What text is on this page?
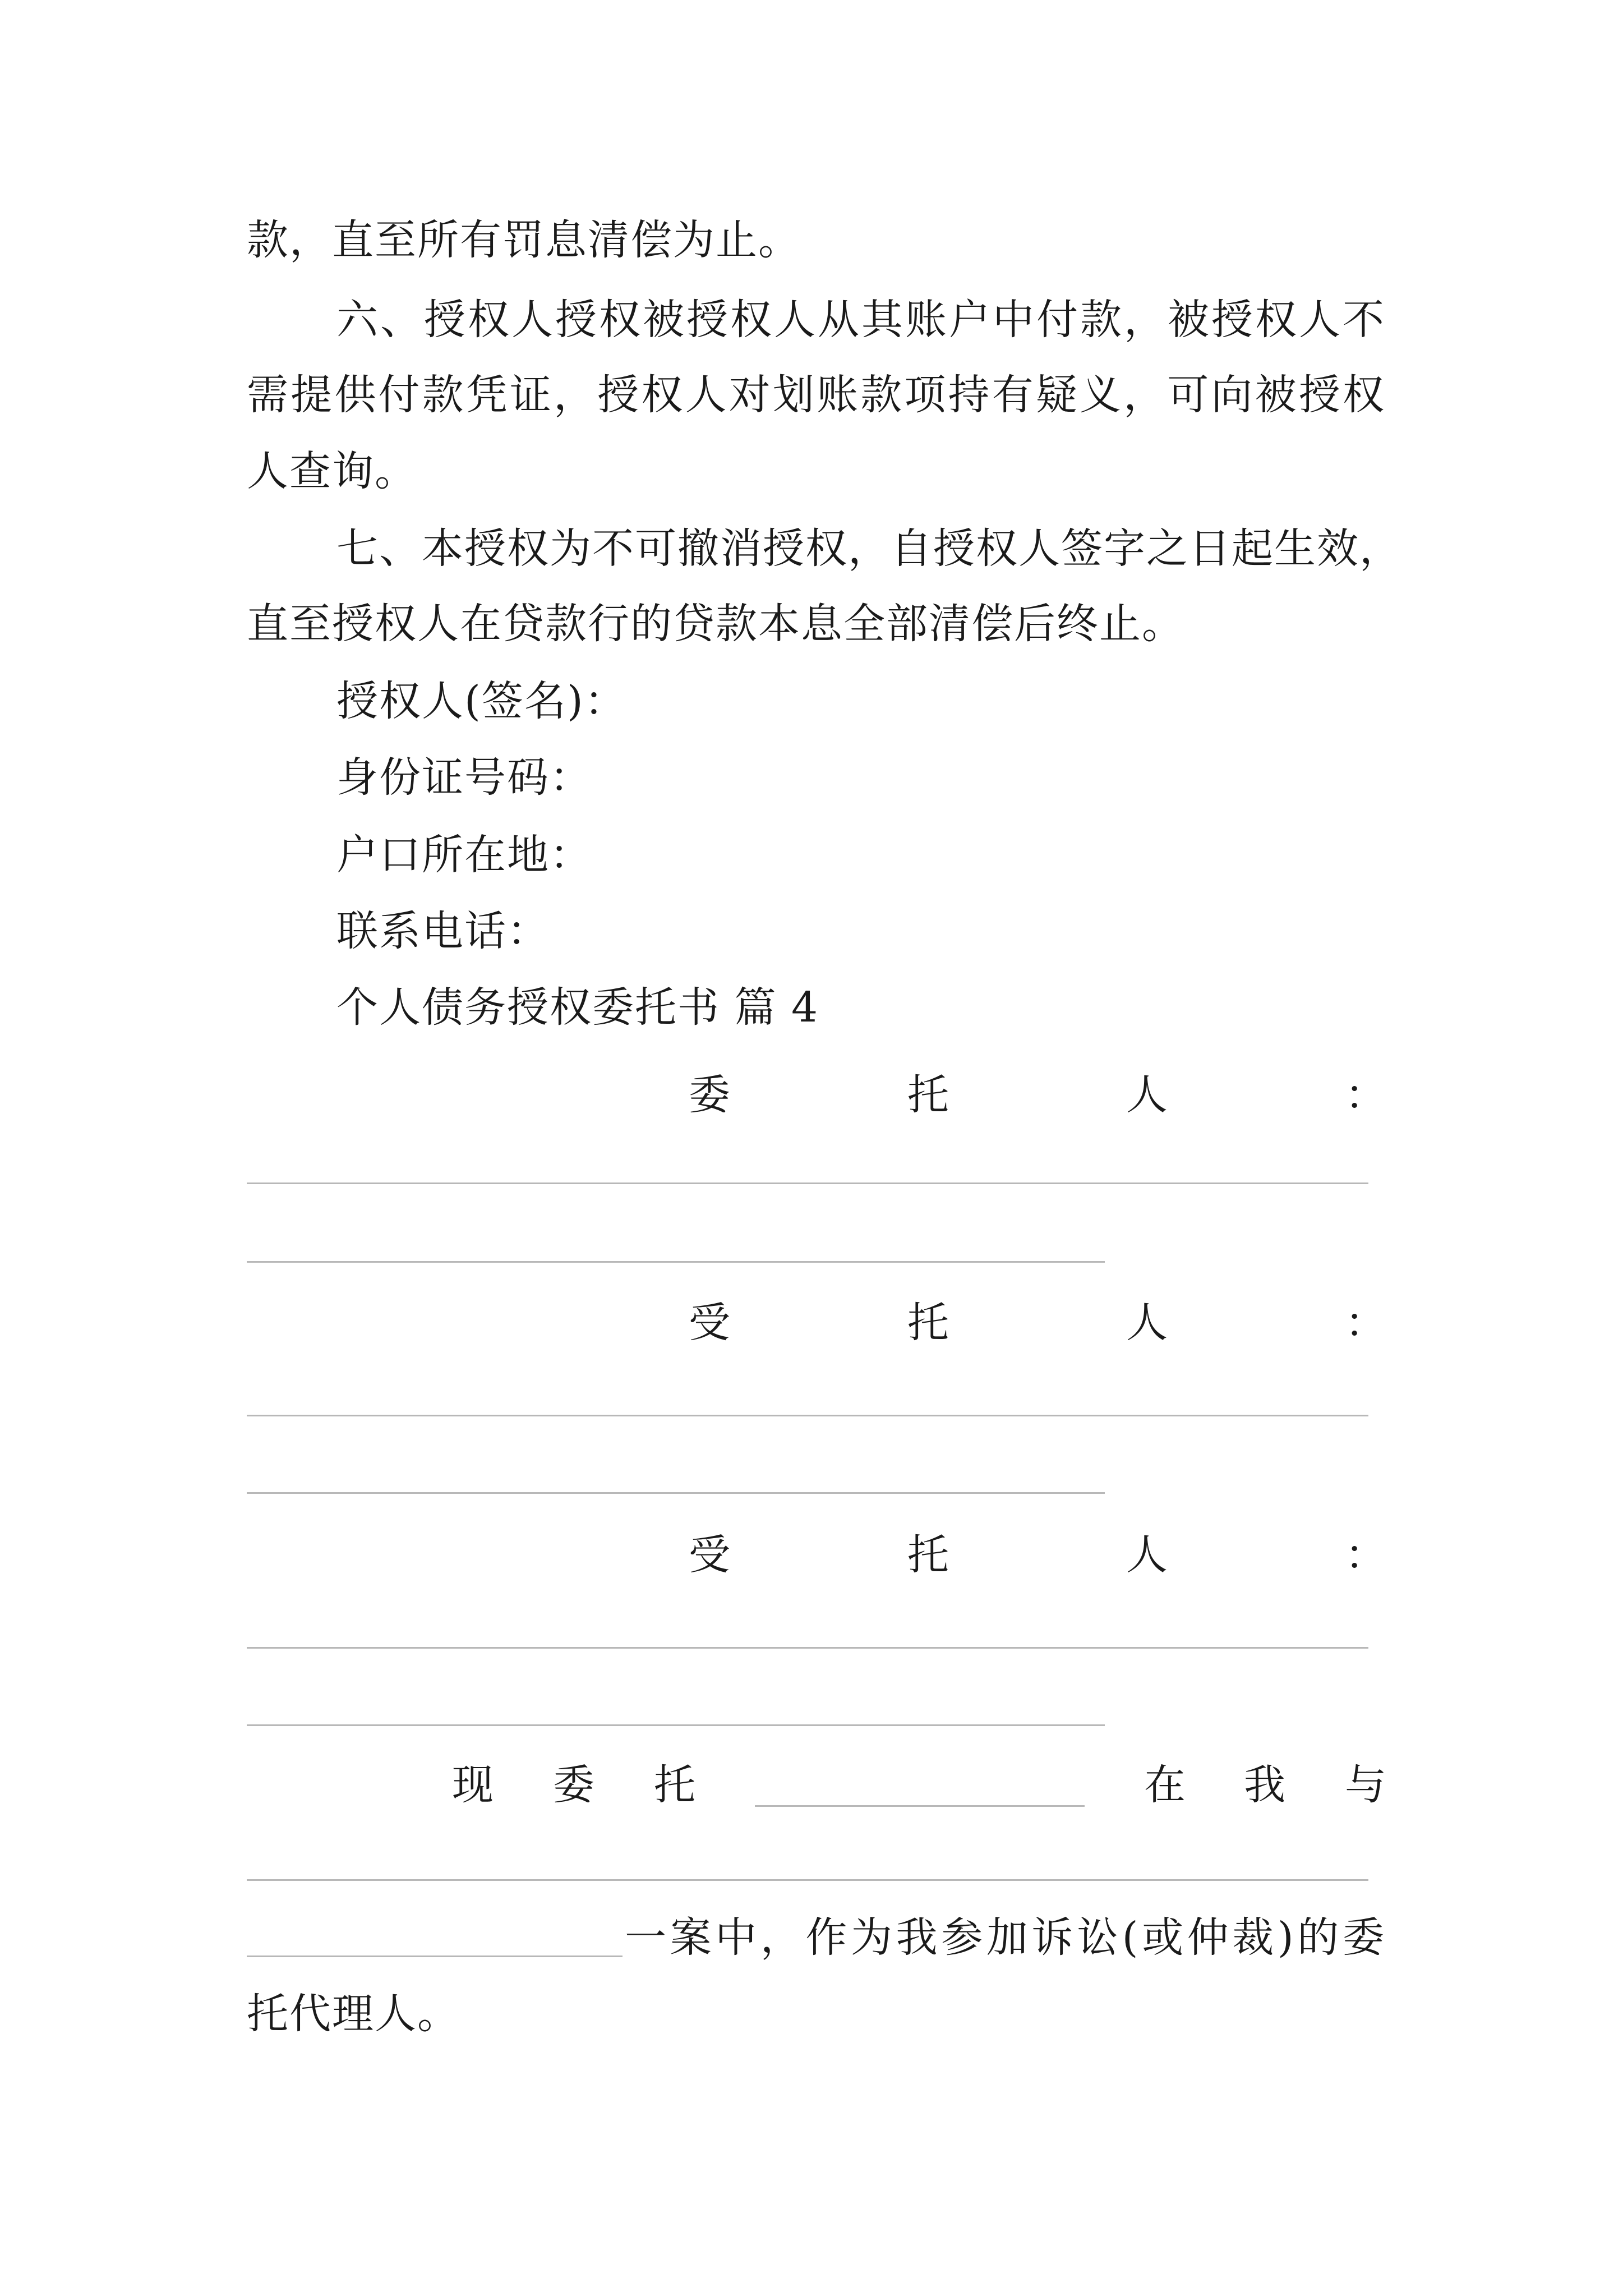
款，直至所有罚息清偿为止。
六、授权人授权被授权人从其账户中付款，被授权人不
需提供付款凭证，授权人对划账款项持有疑义，可向被授权
人查询。
七、本授权为不可撤消授权，自授权人签字之日起生效，
直至授权人在贷款行的贷款本息全部清偿后终止。
授权人(签名)：
身份证号码：
户口所在地：
联系电话：
个人债务授权委托书 篇 4
委	托	人	：
受	托	人	：
受	托	人	：
现 委 托	在 我 与
一案中，作为我参加诉讼(或仲裁)的委
托代理人。
